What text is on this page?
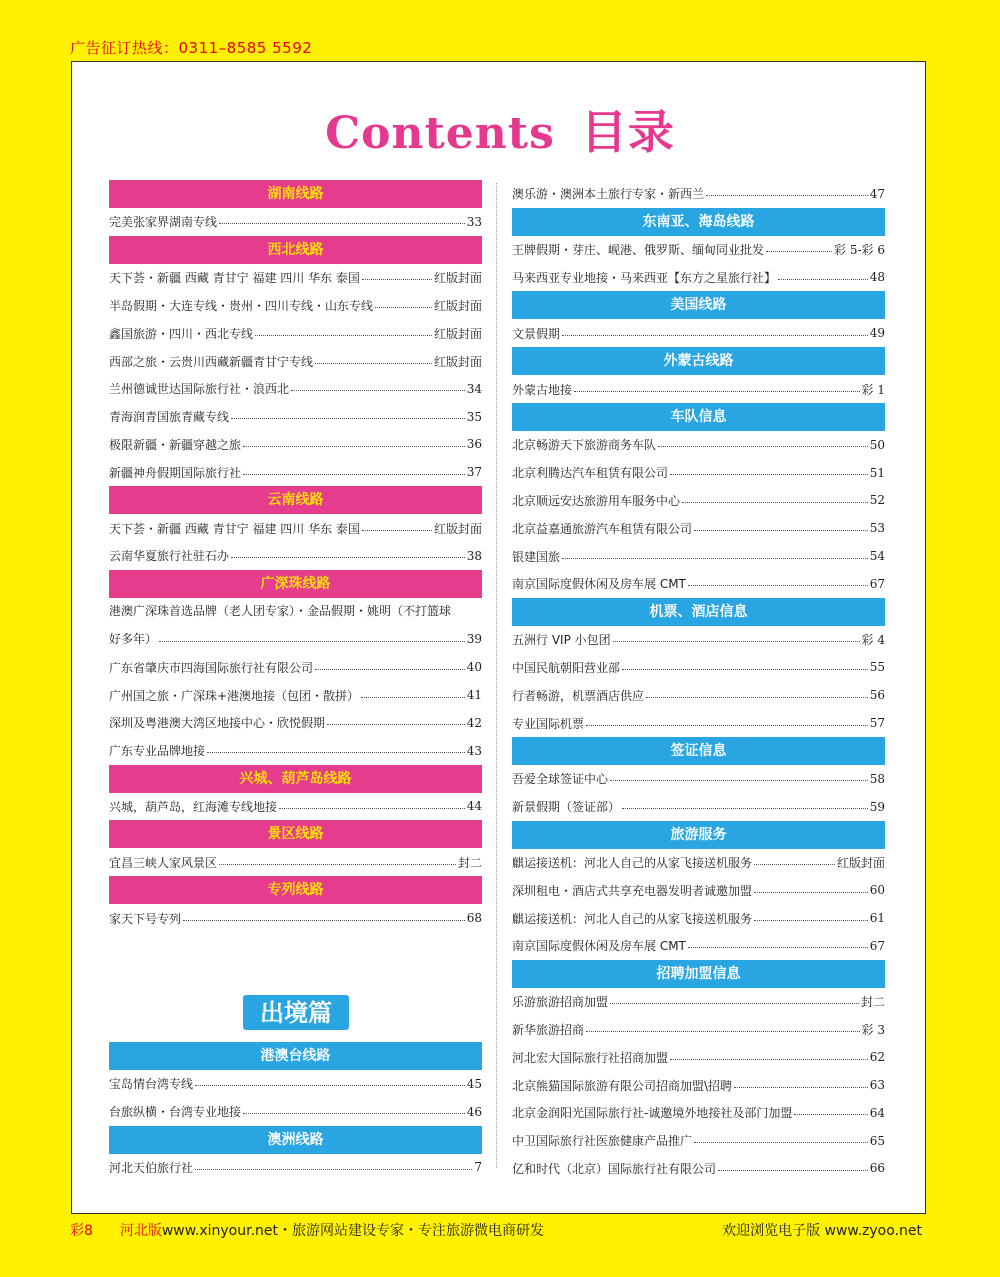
广告征订热线：0311–8585 5592
Contents 目录
湖南线路
完美张家界湖南专线	33
西北线路
天下荟・新疆 西藏 青甘宁 福建 四川 华东 泰国	红版封面
半岛假期・大连专线・贵州・四川专线・山东专线	红版封面
鑫国旅游・四川・西北专线	红版封面
西部之旅・云贵川西藏新疆青甘宁专线	红版封面
兰州德诚世达国际旅行社・浪西北	34
青海润青国旅青藏专线	35
极限新疆・新疆穿越之旅	36
新疆神舟假期国际旅行社	37
云南线路
天下荟・新疆 西藏 青甘宁 福建 四川 华东 泰国	红版封面
云南华夏旅行社驻石办	38
广深珠线路
港澳广深珠首选品牌（老人团专家）・金品假期・姚明（不打篮球
好多年）	39
广东省肇庆市四海国际旅行社有限公司	40
广州国之旅・广深珠+港澳地接（包团・散拼）	41
深圳及粤港澳大湾区地接中心・欣悦假期	42
广东专业品牌地接	43
兴城、葫芦岛线路
兴城，葫芦岛，红海滩专线地接	44
景区线路
宜昌三峡人家风景区	封二
专列线路
家天下号专列	68
澳乐游・澳洲本土旅行专家・新西兰	47
东南亚、海岛线路
王牌假期・芽庄、岘港、俄罗斯、缅甸同业批发	彩 5-彩 6
马来西亚专业地接・马来西亚【东方之星旅行社】	48
美国线路
文景假期	49
外蒙古线路
外蒙古地接	彩 1
车队信息
北京畅游天下旅游商务车队	50
北京利腾达汽车租赁有限公司	51
北京顺远安达旅游用车服务中心	52
北京益嘉通旅游汽车租赁有限公司	53
银建国旅	54
南京国际度假休闲及房车展 CMT	67
机票、酒店信息
五洲行 VIP 小包团	彩 4
中国民航朝阳营业部	55
行者畅游，机票酒店供应	56
专业国际机票	57
签证信息
吾爱全球签证中心	58
新景假期（签证部）	59
旅游服务
麒运接送机：河北人自己的从家飞接送机服务	红版封面
深圳租电・酒店式共享充电器发明者诚邀加盟	60
麒运接送机：河北人自己的从家飞接送机服务	61
南京国际度假休闲及房车展 CMT	67
招聘加盟信息
乐游旅游招商加盟	封二
新华旅游招商	彩 3
河北宏大国际旅行社招商加盟	62
北京熊猫国际旅游有限公司招商加盟\招聘	63
北京金润阳光国际旅行社-诚邀境外地接社及部门加盟	64
中卫国际旅行社医旅健康产品推广	65
亿和时代（北京）国际旅行社有限公司	66
出境篇
港澳台线路
宝岛情台湾专线	45
台旅纵横・台湾专业地接	46
澳洲线路
河北天伯旅行社	7
彩8 河北版www.xinyour.net・旅游网站建设专家・专注旅游微电商研发	欢迎浏览电子版 www.zyoo.net
